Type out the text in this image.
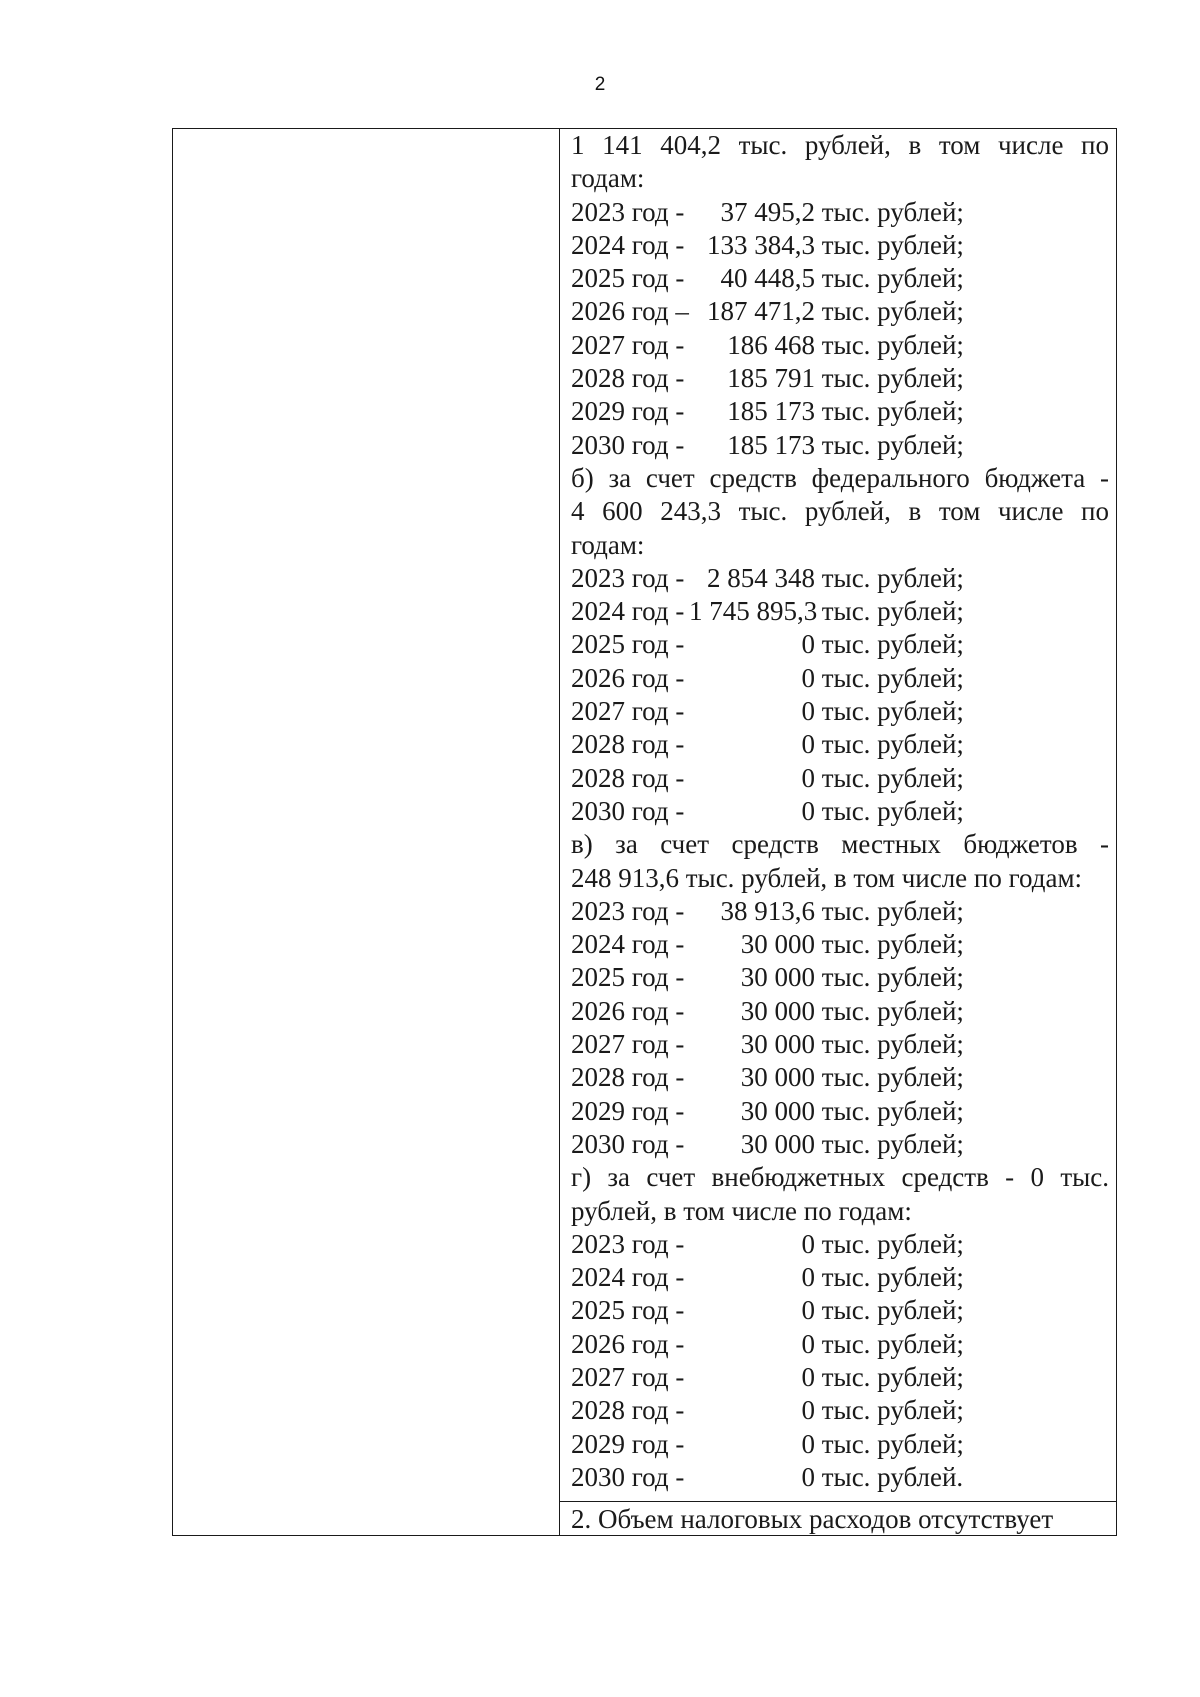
2
1 141 404,2 тыс. рублей, в том числе по
годам:
2023 год - 37 495,2 тыс. рублей;
2024 год - 133 384,3 тыс. рублей;
2025 год - 40 448,5 тыс. рублей;
2026 год – 187 471,2 тыс. рублей;
2027 год - 186 468 тыс. рублей;
2028 год - 185 791 тыс. рублей;
2029 год - 185 173 тыс. рублей;
2030 год - 185 173 тыс. рублей;
б) за счет средств федерального бюджета -
4 600 243,3 тыс. рублей, в том числе по
годам:
2023 год - 2 854 348 тыс. рублей;
2024 год - 1 745 895,3 тыс. рублей;
2025 год -	0 тыс. рублей;
2026 год -	0 тыс. рублей;
2027 год -	0 тыс. рублей;
2028 год -	0 тыс. рублей;
2028 год -	0 тыс. рублей;
2030 год -	0 тыс. рублей;
в) за счет средств местных бюджетов -
248 913,6 тыс. рублей, в том числе по годам:
2023 год - 38 913,6 тыс. рублей;
2024 год - 30 000 тыс. рублей;
2025 год - 30 000 тыс. рублей;
2026 год - 30 000 тыс. рублей;
2027 год - 30 000 тыс. рублей;
2028 год - 30 000 тыс. рублей;
2029 год - 30 000 тыс. рублей;
2030 год - 30 000 тыс. рублей;
г) за счет внебюджетных средств - 0 тыс.
рублей, в том числе по годам:
2023 год -	0 тыс. рублей;
2024 год -	0 тыс. рублей;
2025 год -	0 тыс. рублей;
2026 год -	0 тыс. рублей;
2027 год -	0 тыс. рублей;
2028 год -	0 тыс. рублей;
2029 год -	0 тыс. рублей;
2030 год -	0 тыс. рублей.
2. Объем налоговых расходов отсутствует
